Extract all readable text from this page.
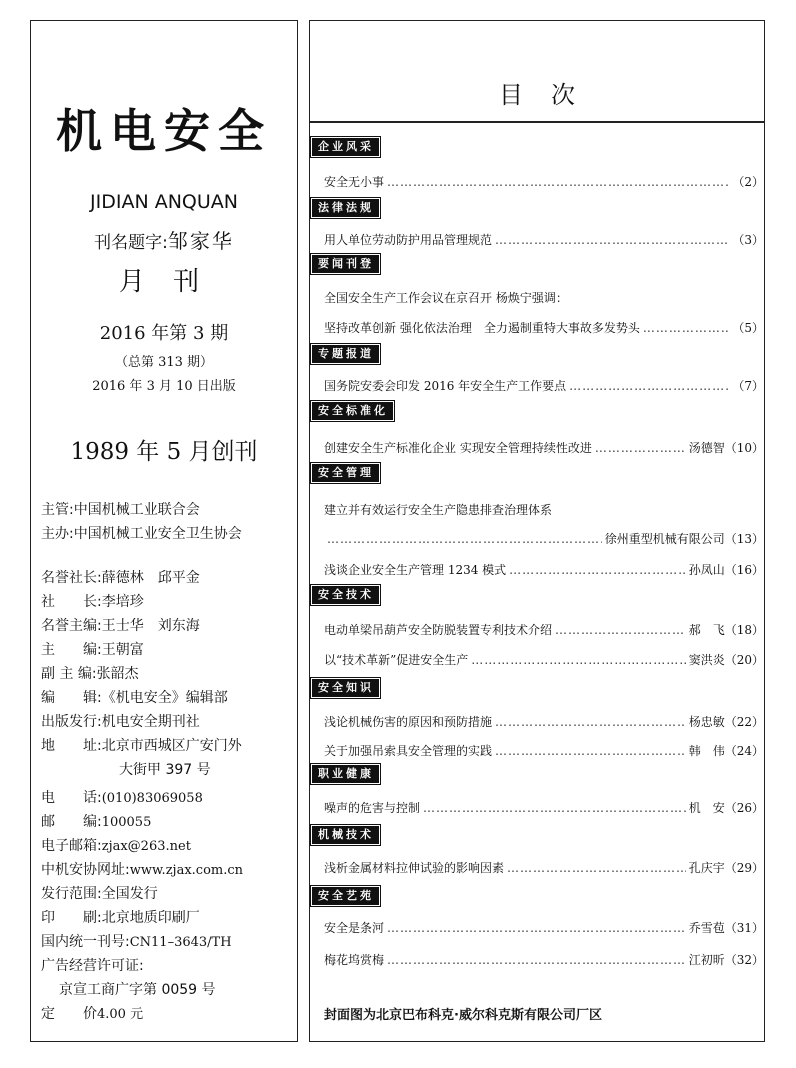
机电安全
JIDIAN ANQUAN
刊名题字:邹家华
月 刊
2016 年第 3 期
（总第 313 期）
2016 年 3 月 10 日出版
1989 年 5 月创刊
主管:中国机械工业联合会
主办:中国机械工业安全卫生协会
名誉社长:薛德林　邱平金
社　　长:李培珍
名誉主编:王士华　刘东海
主　　编:王朝富
副 主 编:张韶杰
编　　辑:《机电安全》编辑部
出版发行:机电安全期刊社
地　　址:北京市西城区广安门外
大街甲 397 号
电　　话:(010)83069058
邮　　编:100055
电子邮箱:zjax@263.net
中机安协网址:www.zjax.com.cn
发行范围:全国发行
印　　刷:北京地质印刷厂
国内统一刊号:CN11–3643/TH
广告经营许可证:
京宣工商广字第 0059 号
定　　价4.00 元
目次
企业风采
安全无小事 …………………………………………………………………………………………………………	（2）
法律法规
用人单位劳动防护用品管理规范 …………………………………………………………………………………………………………	（3）
要闻刊登
全国安全生产工作会议在京召开 杨焕宁强调：
坚持改革创新 强化依法治理　全力遏制重特大事故多发势头 …………………………………………………………………………………………………………	（5）
专题报道
国务院安委会印发 2016 年安全生产工作要点 …………………………………………………………………………………………………………	（7）
安全标准化
创建安全生产标准化企业 实现安全管理持续性改进 …………………………………………………………………………………………………………	汤德智 （10）
安全管理
建立并有效运行安全生产隐患排查治理体系
…………………………………………………………………………………………………………
徐州重型机械有限公司 （13）
浅谈企业安全生产管理 1234 模式 …………………………………………………………………………………………………………	孙凤山 （16）
安全技术
电动单梁吊葫芦安全防脱装置专利技术介绍 …………………………………………………………………………………………………………	郝　飞 （18）
以“技术革新”促进安全生产 …………………………………………………………………………………………………………	窦洪炎 （20）
安全知识
浅论机械伤害的原因和预防措施 …………………………………………………………………………………………………………	杨忠敏 （22）
关于加强吊索具安全管理的实践 …………………………………………………………………………………………………………	韩　伟 （24）
职业健康
噪声的危害与控制 …………………………………………………………………………………………………………	机　安 （26）
机械技术
浅析金属材料拉伸试验的影响因素 …………………………………………………………………………………………………………	孔庆宇 （29）
安全艺苑
安全是条河 …………………………………………………………………………………………………………	乔雪苞 （31）
梅花坞赏梅 …………………………………………………………………………………………………………	江初昕 （32）
封面图为北京巴布科克·威尔科克斯有限公司厂区
